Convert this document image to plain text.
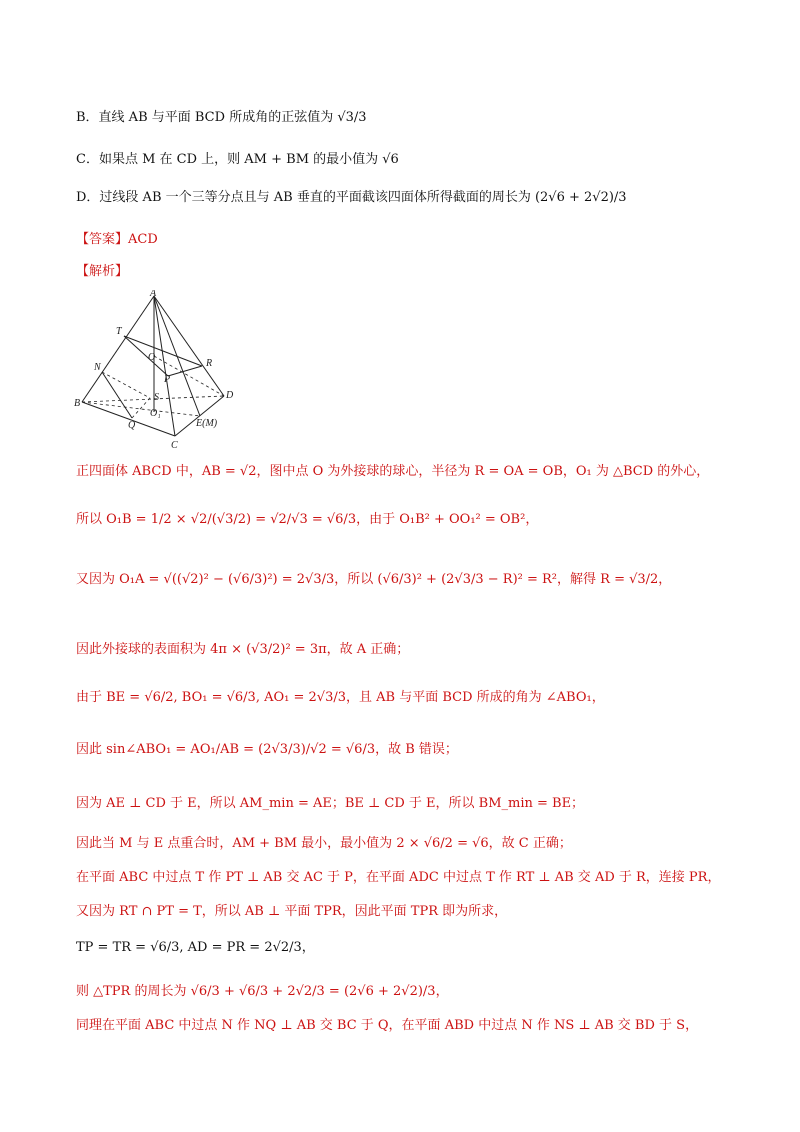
B．直线 AB 与平面 BCD 所成角的正弦值为 √3/3
C．如果点 M 在 CD 上，则 AM + BM 的最小值为 √6
D．过线段 AB 一个三等分点且与 AB 垂直的平面截该四面体所得截面的周长为 (2√6 + 2√2)/3
【答案】ACD
【解析】
A
T
N
O
R
P
B
S	D
O₁
Q	E(M)
C
正四面体 ABCD 中，AB = √2，图中点 O 为外接球的球心，半径为 R = OA = OB，O₁ 为 △BCD 的外心，
所以 O₁B = 1/2 × √2/(√3/2) = √2/√3 = √6/3，由于 O₁B² + OO₁² = OB²，
又因为 O₁A = √((√2)² − (√6/3)²) = 2√3/3，所以 (√6/3)² + (2√3/3 − R)² = R²，解得 R = √3/2，
因此外接球的表面积为 4π × (√3/2)² = 3π，故 A 正确；
由于 BE = √6/2, BO₁ = √6/3, AO₁ = 2√3/3，且 AB 与平面 BCD 所成的角为 ∠ABO₁，
因此 sin∠ABO₁ = AO₁/AB = (2√3/3)/√2 = √6/3，故 B 错误；
因为 AE ⊥ CD 于 E，所以 AM_min = AE；BE ⊥ CD 于 E，所以 BM_min = BE；
因此当 M 与 E 点重合时，AM + BM 最小，最小值为 2 × √6/2 = √6，故 C 正确；
在平面 ABC 中过点 T 作 PT ⊥ AB 交 AC 于 P，在平面 ADC 中过点 T 作 RT ⊥ AB 交 AD 于 R，连接 PR，
又因为 RT ∩ PT = T，所以 AB ⊥ 平面 TPR，因此平面 TPR 即为所求，
TP = TR = √6/3, AD = PR = 2√2/3，
则 △TPR 的周长为 √6/3 + √6/3 + 2√2/3 = (2√6 + 2√2)/3，
同理在平面 ABC 中过点 N 作 NQ ⊥ AB 交 BC 于 Q，在平面 ABD 中过点 N 作 NS ⊥ AB 交 BD 于 S，
